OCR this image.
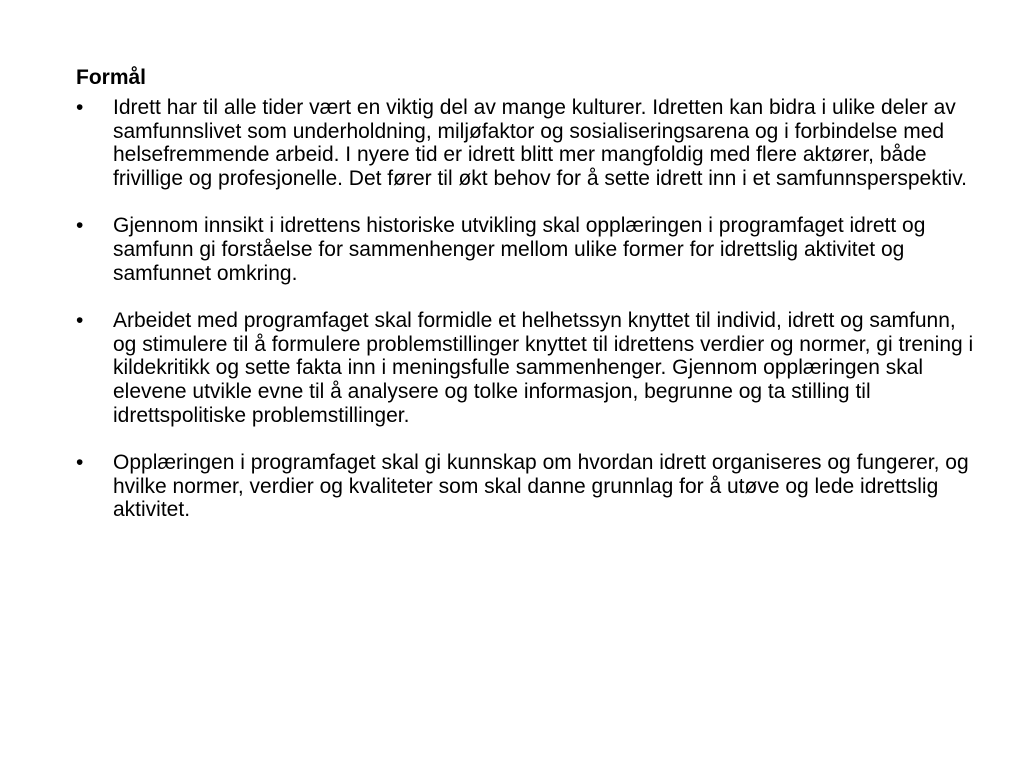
Formål
•	Idrett har til alle tider vært en viktig del av mange kulturer. Idretten kan bidra i ulike deler av samfunnslivet som underholdning, miljøfaktor og sosialiseringsarena og i forbindelse med helsefremmende arbeid. I nyere tid er idrett blitt mer mangfoldig med flere aktører, både frivillige og profesjonelle. Det fører til økt behov for å sette idrett inn i et samfunnsperspektiv.
•	Gjennom innsikt i idrettens historiske utvikling skal opplæringen i programfaget idrett og samfunn gi forståelse for sammenhenger mellom ulike former for idrettslig aktivitet og samfunnet omkring.
•	Arbeidet med programfaget skal formidle et helhetssyn knyttet til individ, idrett og samfunn, og stimulere til å formulere problemstillinger knyttet til idrettens verdier og normer, gi trening i kildekritikk og sette fakta inn i meningsfulle sammenhenger. Gjennom opplæringen skal elevene utvikle evne til å analysere og tolke informasjon, begrunne og ta stilling til idrettspolitiske problemstillinger.
•	Opplæringen i programfaget skal gi kunnskap om hvordan idrett organiseres og fungerer, og hvilke normer, verdier og kvaliteter som skal danne grunnlag for å utøve og lede idrettslig aktivitet.
